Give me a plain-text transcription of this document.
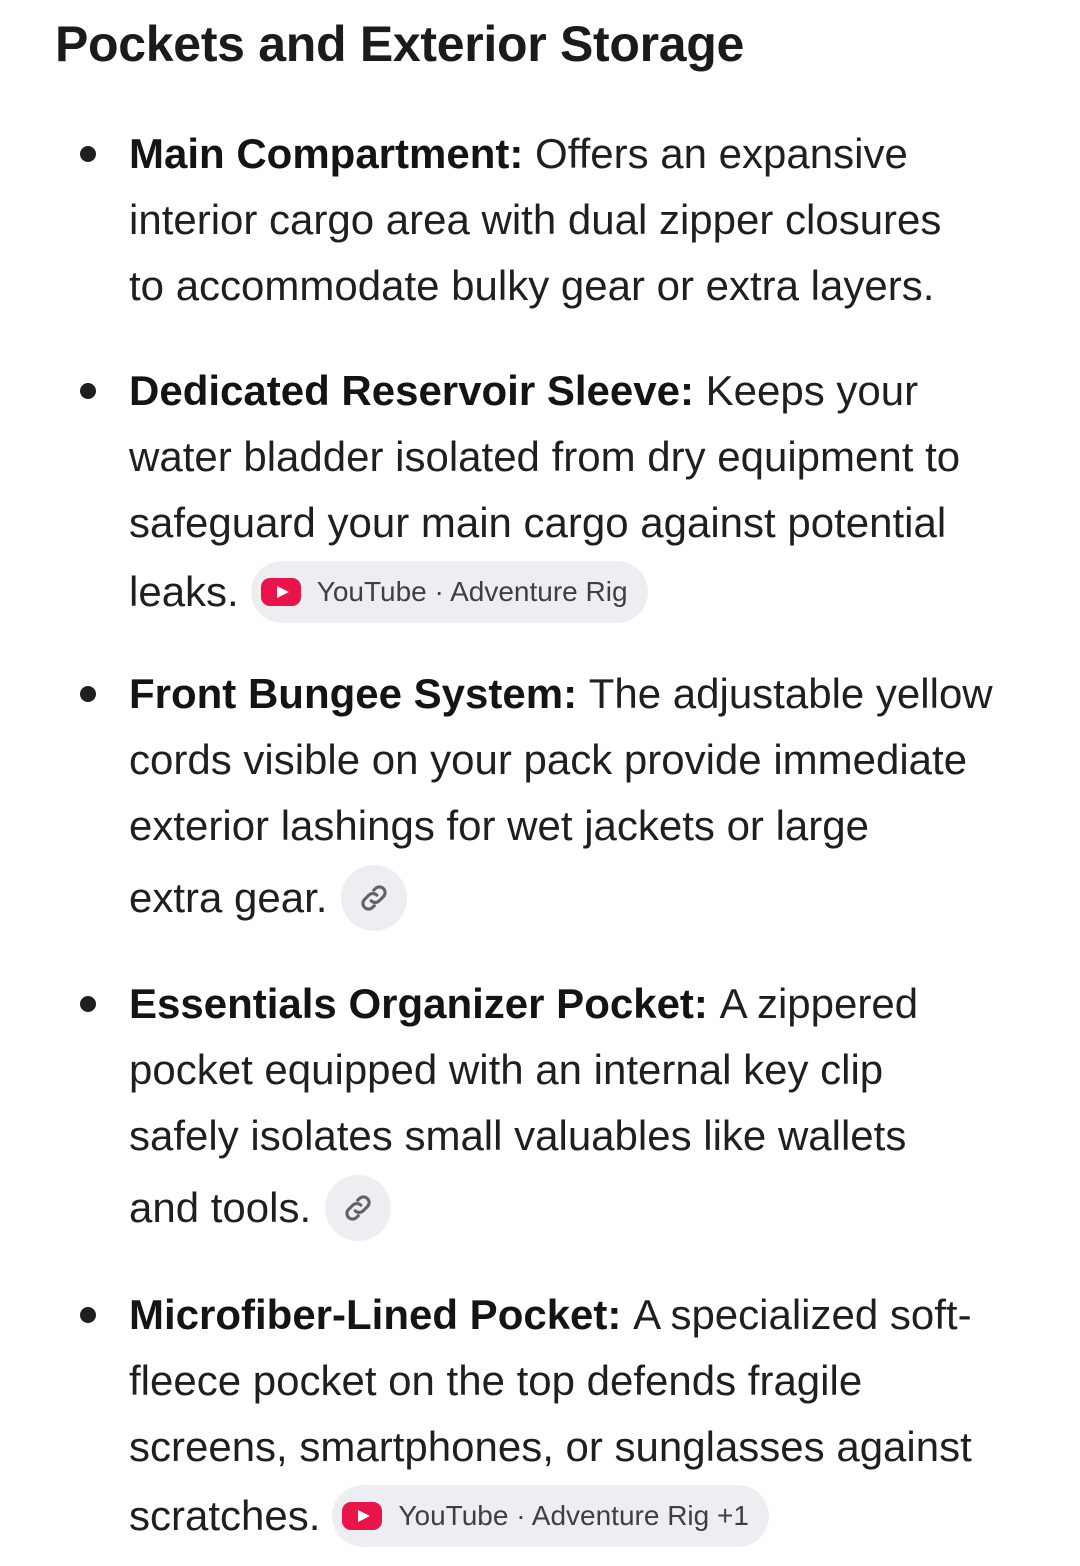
Pockets and Exterior Storage

Main Compartment:
Offers an expansive

interior cargo area with dual zipper closures

to accommodate bulky gear or extra layers.

Dedicated Reservoir Sleeve:
Keeps your

water bladder isolated from dry equipment to

safeguard your main cargo against potential

leaks.	YouTube · Adventure Rig

Front Bungee System:
The adjustable yellow

cords visible on your pack provide immediate

exterior lashings for wet jackets or large

extra gear.

Essentials Organizer Pocket:
A zippered

pocket equipped with an internal key clip

safely isolates small valuables like wallets

and tools.

Microfiber-Lined Pocket:
A specialized soft-

fleece pocket on the top defends fragile

screens, smartphones, or sunglasses against

scratches.	YouTube · Adventure Rig +1
